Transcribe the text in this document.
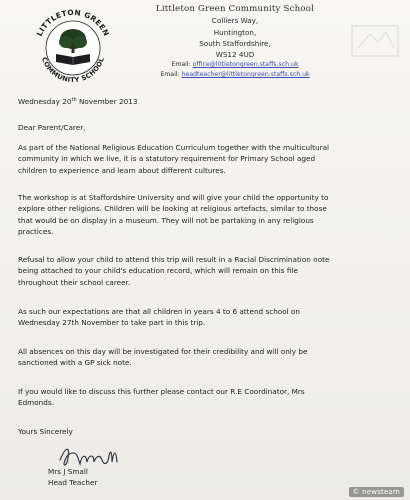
LITTLETON GREEN
COMMUNITY SCHOOL
Littleton Green Community School
Colliers Way,
Huntington,
South Staffordshire,
WS12 4UD
Email: office@littletongreen.staffs.sch.uk
Email: headteacher@littletongreen.staffs.sch.uk
Wednesday 20th November 2013
Dear Parent/Carer,
As part of the National Religious Education Curriculum together with the multicultural
community in which we live, it is a statutory requirement for Primary School aged
children to experience and learn about different cultures.
The workshop is at Staffordshire University and will give your child the opportunity to
explore other religions. Children will be looking at religious artefacts, similar to those
that would be on display in a museum. They will not be partaking in any religious
practices.
Refusal to allow your child to attend this trip will result in a Racial Discrimination note
being attached to your child's education record, which will remain on this file
throughout their school career.
As such our expectations are that all children in years 4 to 6 attend school on
Wednesday 27th November to take part in this trip.
All absences on this day will be investigated for their credibility and will only be
sanctioned with a GP sick note.
If you would like to discuss this further please contact our R.E Coordinator, Mrs
Edmonds.
Yours Sincerely
Mrs J Small
Head Teacher
© newsteam
